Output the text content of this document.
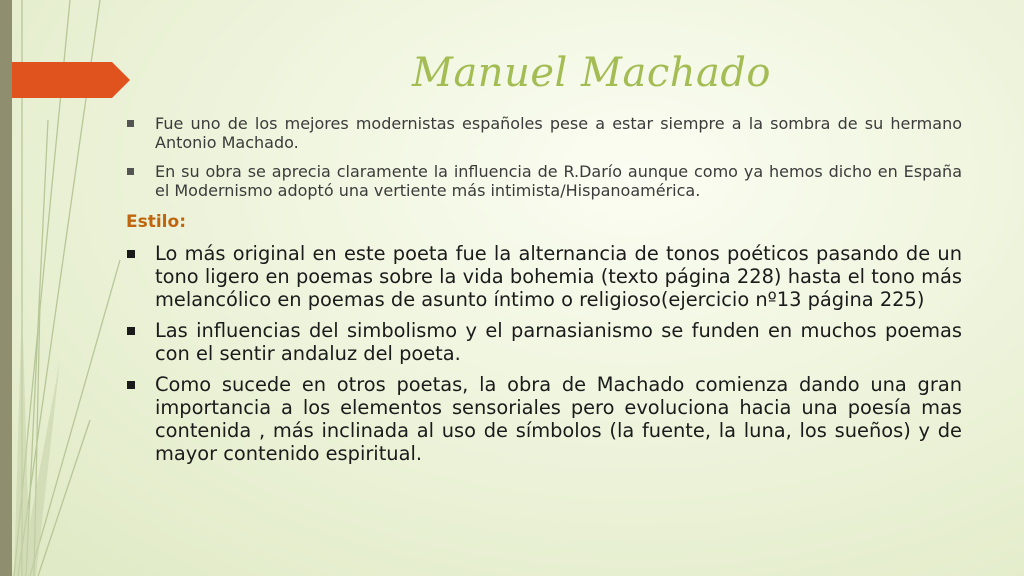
Manuel Machado
Fue uno de los mejores modernistas españoles pese a estar siempre a la sombra de su hermano Antonio Machado.
En su obra se aprecia claramente la influencia de R.Darío aunque como ya hemos dicho en España el Modernismo adoptó una vertiente más intimista/Hispanoamérica.
Estilo:
Lo más original en este poeta fue la alternancia de tonos poéticos pasando de un tono ligero en poemas sobre la vida bohemia (texto página 228) hasta el tono más melancólico en poemas de asunto íntimo o religioso(ejercicio nº13 página 225)
Las influencias del simbolismo y el parnasianismo se funden en muchos poemas con el sentir andaluz del poeta.
Como sucede en otros poetas, la obra de Machado comienza dando una gran importancia a los elementos sensoriales pero evoluciona hacia una poesía mas contenida , más inclinada al uso de símbolos (la fuente, la luna, los sueños) y de mayor contenido espiritual.
